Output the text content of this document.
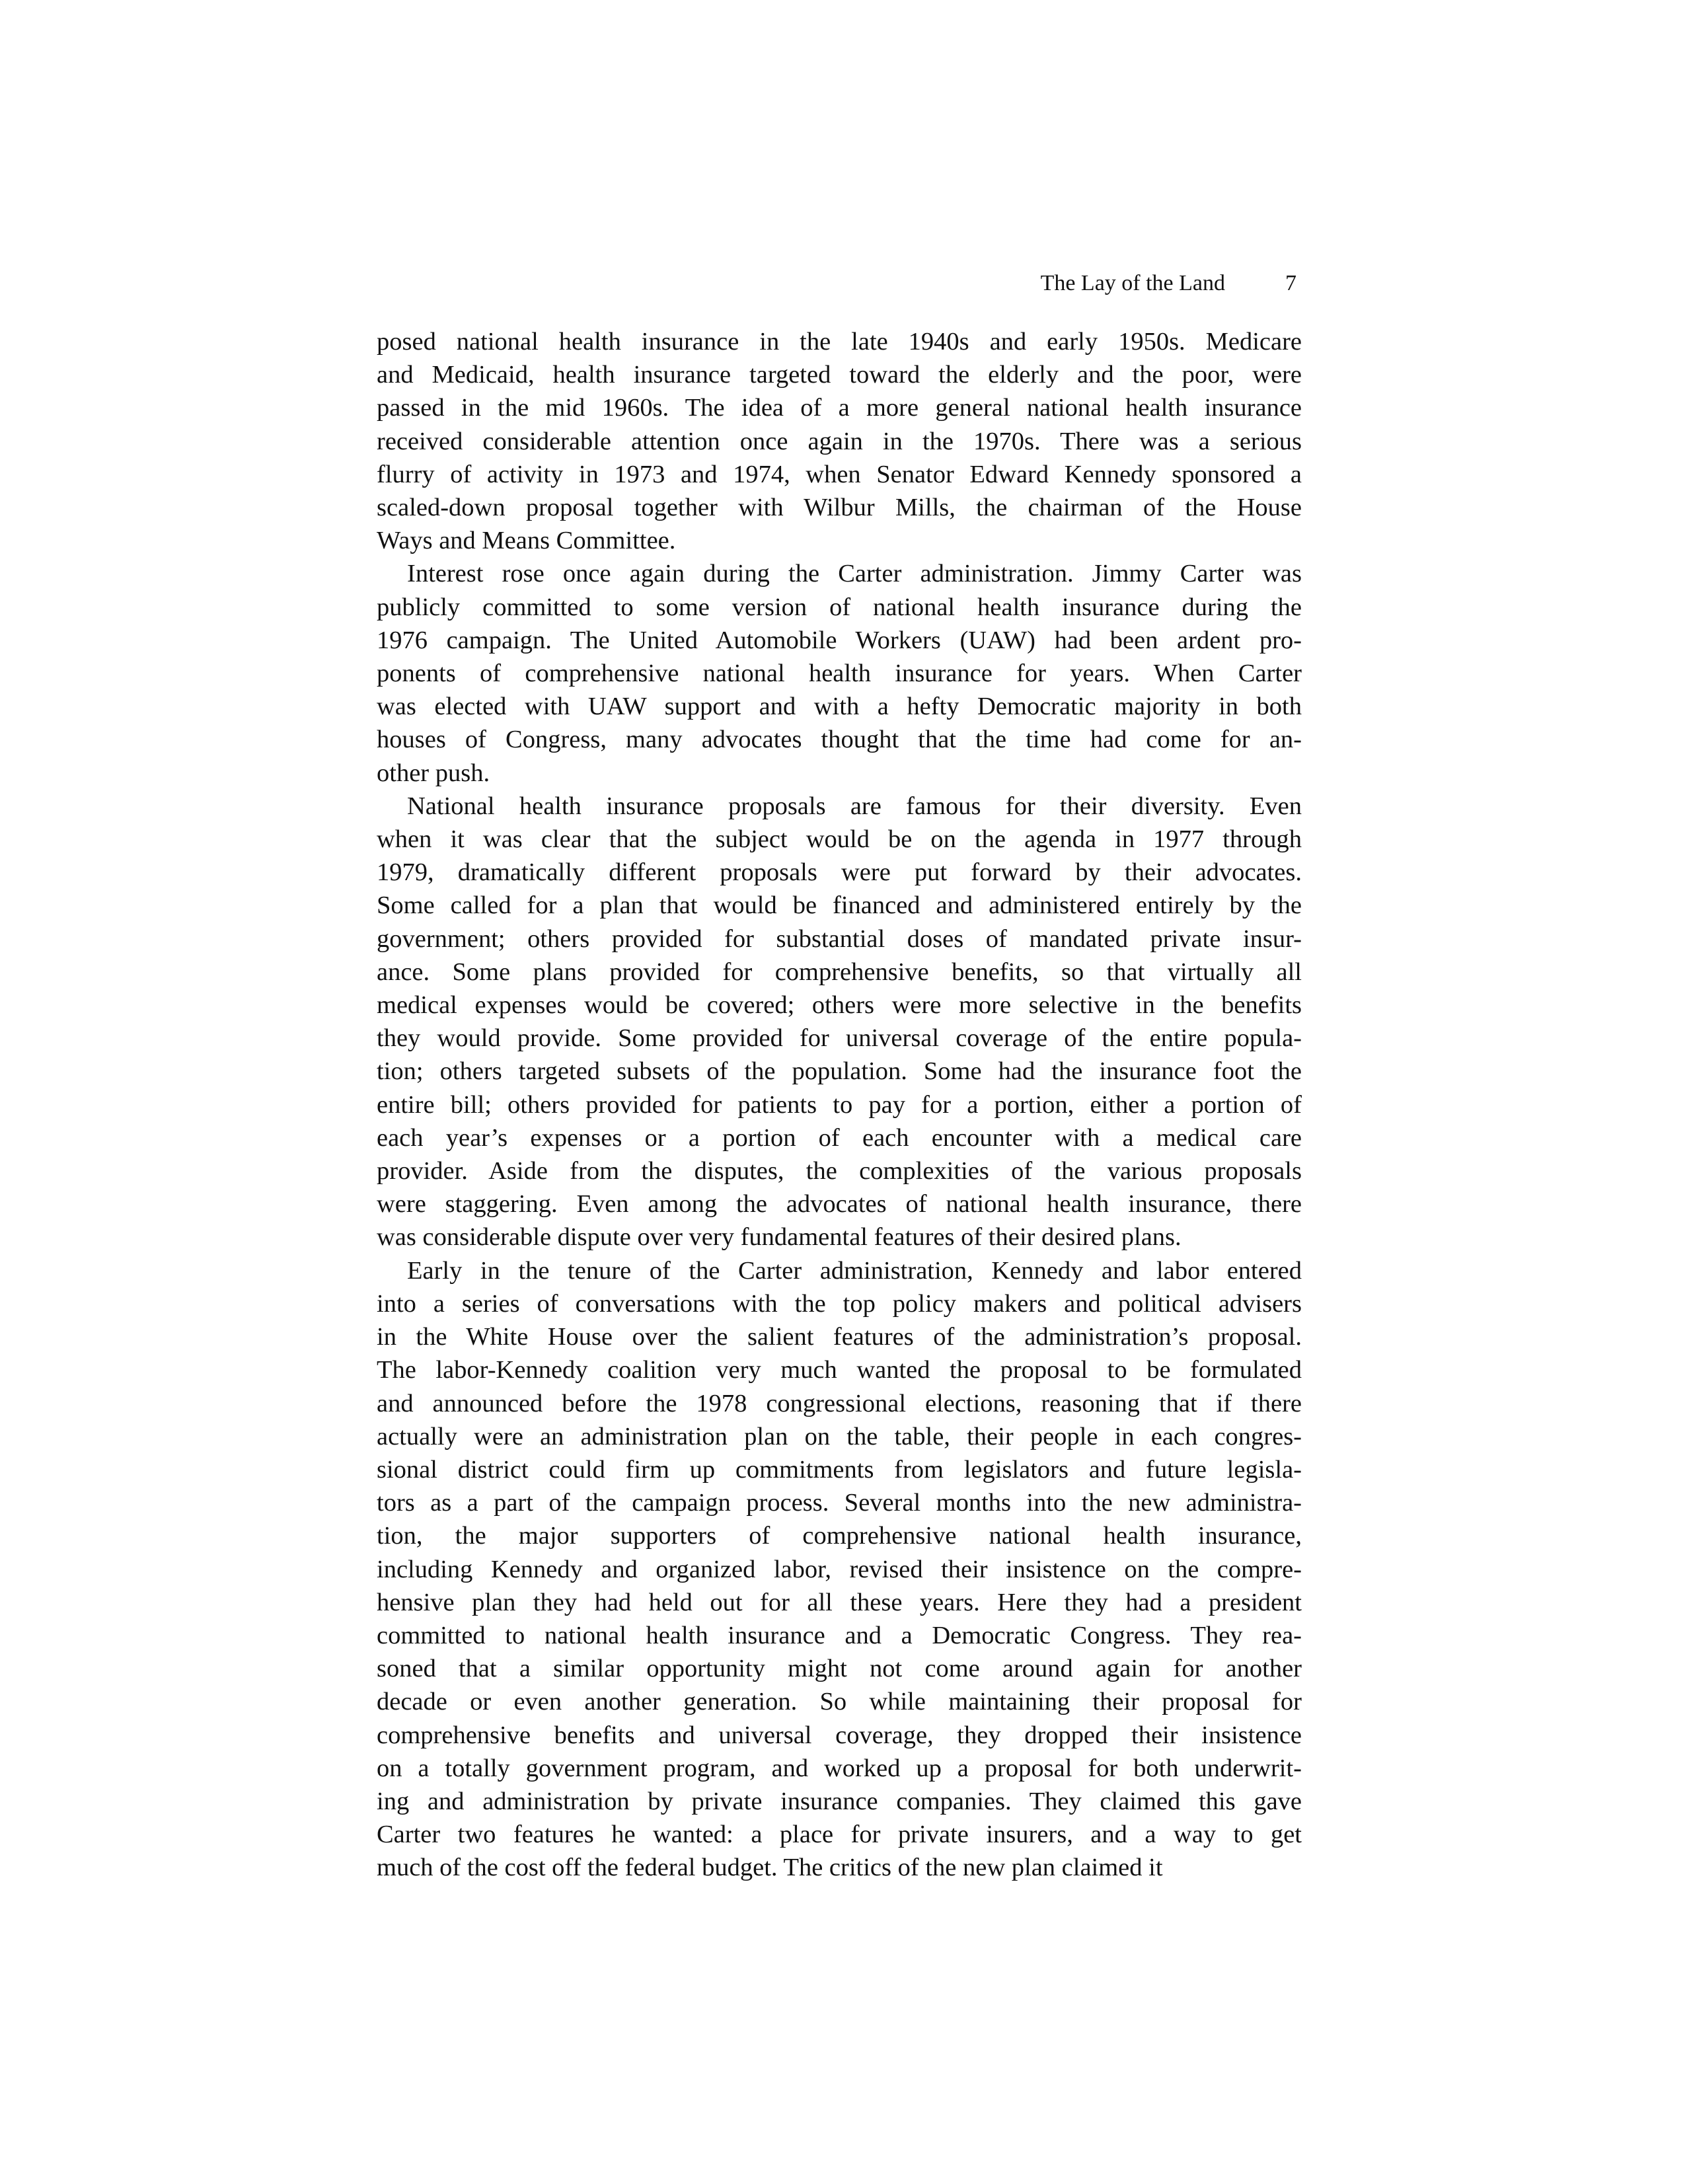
The Lay of the Land	7

posed national health insurance in the late 1940s and early 1950s. Medicare

and Medicaid, health insurance targeted toward the elderly and the poor, were

passed in the mid 1960s. The idea of a more general national health insurance

received considerable attention once again in the 1970s. There was a serious

flurry of activity in 1973 and 1974, when Senator Edward Kennedy sponsored a

scaled-down proposal together with Wilbur Mills, the chairman of the House

Ways and Means Committee.

Interest rose once again during the Carter administration. Jimmy Carter was

publicly committed to some version of national health insurance during the

1976 campaign. The United Automobile Workers (UAW) had been ardent pro-

ponents of comprehensive national health insurance for years. When Carter

was elected with UAW support and with a hefty Democratic majority in both

houses of Congress, many advocates thought that the time had come for an-

other push.

National health insurance proposals are famous for their diversity. Even

when it was clear that the subject would be on the agenda in 1977 through

1979, dramatically different proposals were put forward by their advocates.

Some called for a plan that would be financed and administered entirely by the

government; others provided for substantial doses of mandated private insur-

ance. Some plans provided for comprehensive benefits, so that virtually all

medical expenses would be covered; others were more selective in the benefits

they would provide. Some provided for universal coverage of the entire popula-

tion; others targeted subsets of the population. Some had the insurance foot the

entire bill; others provided for patients to pay for a portion, either a portion of

each year’s expenses or a portion of each encounter with a medical care

provider. Aside from the disputes, the complexities of the various proposals

were staggering. Even among the advocates of national health insurance, there

was considerable dispute over very fundamental features of their desired plans.

Early in the tenure of the Carter administration, Kennedy and labor entered

into a series of conversations with the top policy makers and political advisers

in the White House over the salient features of the administration’s proposal.

The labor-Kennedy coalition very much wanted the proposal to be formulated

and announced before the 1978 congressional elections, reasoning that if there

actually were an administration plan on the table, their people in each congres-

sional district could firm up commitments from legislators and future legisla-

tors as a part of the campaign process. Several months into the new administra-

tion, the major supporters of comprehensive national health insurance,

including Kennedy and organized labor, revised their insistence on the compre-

hensive plan they had held out for all these years. Here they had a president

committed to national health insurance and a Democratic Congress. They rea-

soned that a similar opportunity might not come around again for another

decade or even another generation. So while maintaining their proposal for

comprehensive benefits and universal coverage, they dropped their insistence

on a totally government program, and worked up a proposal for both underwrit-

ing and administration by private insurance companies. They claimed this gave

Carter two features he wanted: a place for private insurers, and a way to get

much of the cost off the federal budget. The critics of the new plan claimed it
